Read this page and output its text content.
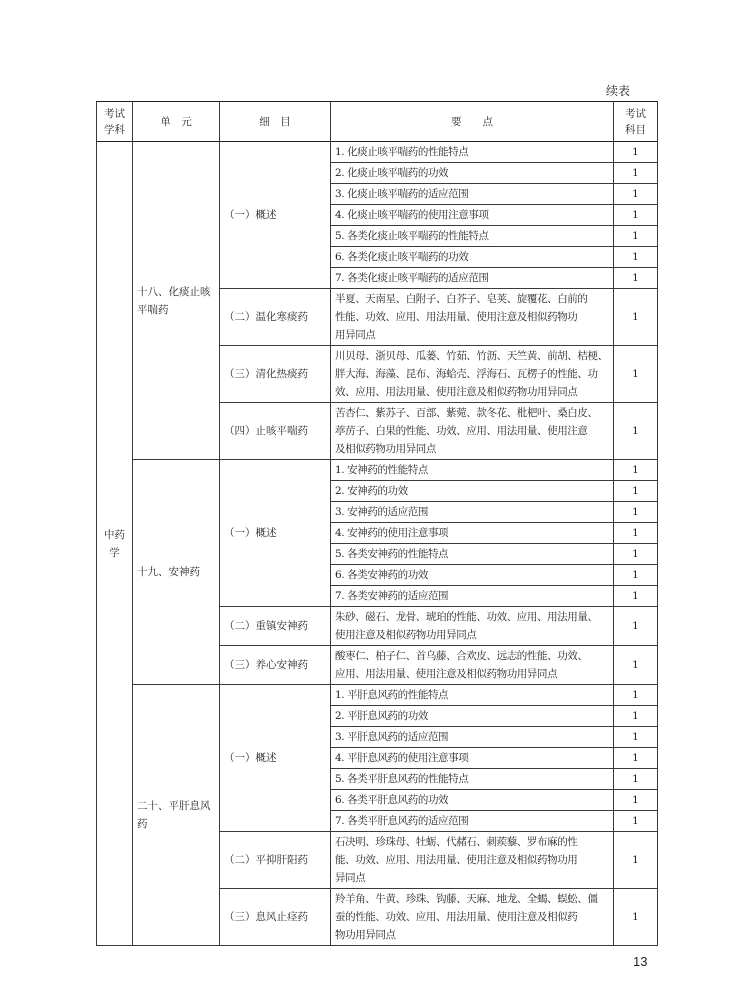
续表
考试学科	单　元	细　目	要　　点	考试科目
中药学	十八、化痰止咳平喘药	（一）概述	1. 化痰止咳平喘药的性能特点	1
			2. 化痰止咳平喘药的功效	1
			3. 化痰止咳平喘药的适应范围	1
			4. 化痰止咳平喘药的使用注意事项	1
			5. 各类化痰止咳平喘药的性能特点	1
			6. 各类化痰止咳平喘药的功效	1
			7. 各类化痰止咳平喘药的适应范围	1
		（二）温化寒痰药	半夏、天南星、白附子、白芥子、皂荚、旋覆花、白前的
性能、功效、应用、用法用量、使用注意及相似药物功
用异同点	1
		（三）清化热痰药	川贝母、浙贝母、瓜蒌、竹茹、竹沥、天竺黄、前胡、桔梗、
胖大海、海藻、昆布、海蛤壳、浮海石、瓦楞子的性能、功
效、应用、用法用量、使用注意及相似药物功用异同点	1
		（四）止咳平喘药	苦杏仁、紫苏子、百部、紫菀、款冬花、枇杷叶、桑白皮、
葶苈子、白果的性能、功效、应用、用法用量、使用注意
及相似药物功用异同点	1
	十九、安神药	（一）概述	1. 安神药的性能特点	1
			2. 安神药的功效	1
			3. 安神药的适应范围	1
			4. 安神药的使用注意事项	1
			5. 各类安神药的性能特点	1
			6. 各类安神药的功效	1
			7. 各类安神药的适应范围	1
		（二）重镇安神药	朱砂、磁石、龙骨、琥珀的性能、功效、应用、用法用量、
使用注意及相似药物功用异同点	1
		（三）养心安神药	酸枣仁、柏子仁、首乌藤、合欢皮、远志的性能、功效、
应用、用法用量、使用注意及相似药物功用异同点	1
	二十、平肝息风药	（一）概述	1. 平肝息风药的性能特点	1
			2. 平肝息风药的功效	1
			3. 平肝息风药的适应范围	1
			4. 平肝息风药的使用注意事项	1
			5. 各类平肝息风药的性能特点	1
			6. 各类平肝息风药的功效	1
			7. 各类平肝息风药的适应范围	1
		（二）平抑肝阳药	石决明、珍珠母、牡蛎、代赭石、刺蒺藜、罗布麻的性
能、功效、应用、用法用量、使用注意及相似药物功用
异同点	1
		（三）息风止痉药	羚羊角、牛黄、珍珠、钩藤、天麻、地龙、全蝎、蜈蚣、僵
蚕的性能、功效、应用、用法用量、使用注意及相似药
物功用异同点	1
13
